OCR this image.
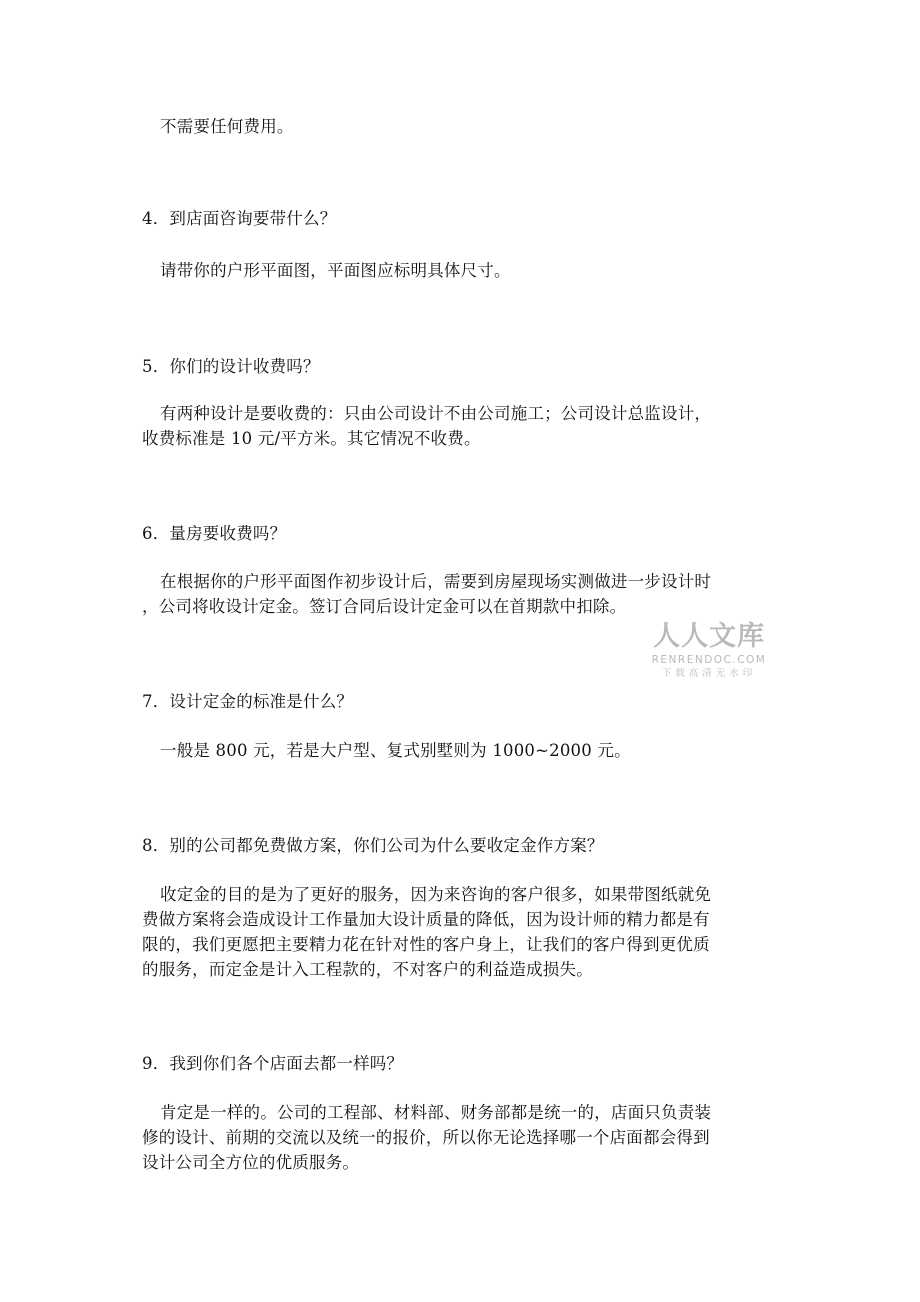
不需要任何费用。

4．到店面咨询要带什么？

请带你的户形平面图，平面图应标明具体尺寸。

5．你们的设计收费吗？

有两种设计是要收费的：只由公司设计不由公司施工；公司设计总监设计，

收费标准是 10 元/平方米。其它情况不收费。

6．量房要收费吗？

在根据你的户形平面图作初步设计后，需要到房屋现场实测做进一步设计时

，公司将收设计定金。签订合同后设计定金可以在首期款中扣除。

人人文库
RENRENDOC.COM
下载高清无水印

7．设计定金的标准是什么？

一般是 800 元，若是大户型、复式别墅则为 1000~2000 元。

8．别的公司都免费做方案，你们公司为什么要收定金作方案？

收定金的目的是为了更好的服务，因为来咨询的客户很多，如果带图纸就免

费做方案将会造成设计工作量加大设计质量的降低，因为设计师的精力都是有

限的，我们更愿把主要精力花在针对性的客户身上，让我们的客户得到更优质

的服务，而定金是计入工程款的，不对客户的利益造成损失。

9．我到你们各个店面去都一样吗？

肯定是一样的。公司的工程部、材料部、财务部都是统一的，店面只负责装

修的设计、前期的交流以及统一的报价，所以你无论选择哪一个店面都会得到

设计公司全方位的优质服务。
